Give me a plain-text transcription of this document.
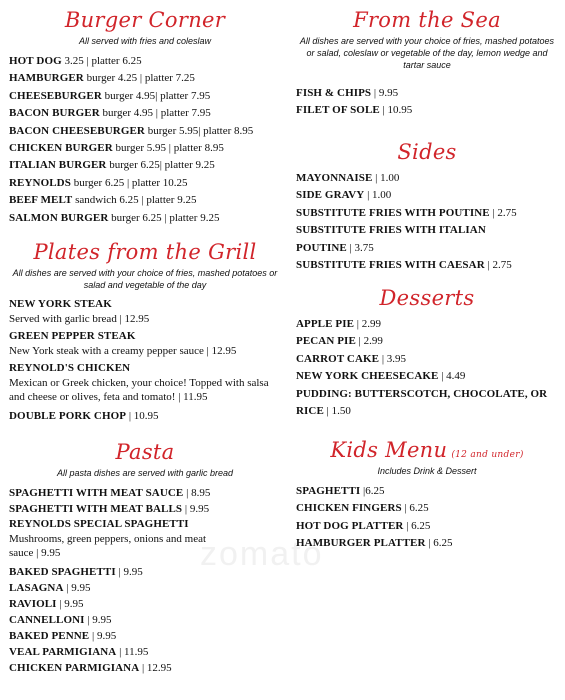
zomato
Burger Corner
All served with fries and coleslaw
HOT DOG 3.25 | platter 6.25
HAMBURGER burger 4.25 | platter 7.25
CHEESEBURGER burger 4.95| platter 7.95
BACON BURGER burger 4.95 | platter 7.95
BACON CHEESEBURGER burger 5.95| platter 8.95
CHICKEN BURGER burger 5.95 | platter 8.95
ITALIAN BURGER burger 6.25| platter 9.25
REYNOLDS burger 6.25 | platter 10.25
BEEF MELT sandwich 6.25 | platter 9.25
SALMON BURGER burger 6.25 | platter 9.25
Plates from the Grill
All dishes are served with your choice of fries, mashed potatoes or salad and vegetable of the day
NEW YORK STEAK
Served with garlic bread | 12.95
GREEN PEPPER STEAK
New York steak with a creamy pepper sauce | 12.95
REYNOLD'S CHICKEN
Mexican or Greek chicken, your choice! Topped with salsa and cheese or olives, feta and tomato! | 11.95
DOUBLE PORK CHOP | 10.95
Pasta
All pasta dishes are served with garlic bread
SPAGHETTI WITH MEAT SAUCE | 8.95
SPAGHETTI WITH MEAT BALLS | 9.95
REYNOLDS SPECIAL SPAGHETTI
Mushrooms, green peppers, onions and meat sauce | 9.95
BAKED SPAGHETTI | 9.95
LASAGNA | 9.95
RAVIOLI | 9.95
CANNELLONI | 9.95
BAKED PENNE | 9.95
VEAL PARMIGIANA | 11.95
CHICKEN PARMIGIANA | 12.95
From the Sea
All dishes are served with your choice of fries, mashed potatoes or salad, coleslaw or vegetable of the day, lemon wedge and tartar sauce
FISH & CHIPS | 9.95
FILET OF SOLE | 10.95
Sides
MAYONNAISE | 1.00
SIDE GRAVY | 1.00
SUBSTITUTE FRIES WITH POUTINE | 2.75
SUBSTITUTE FRIES WITH ITALIAN POUTINE | 3.75
SUBSTITUTE FRIES WITH CAESAR | 2.75
Desserts
APPLE PIE | 2.99
PECAN PIE | 2.99
CARROT CAKE | 3.95
NEW YORK CHEESECAKE | 4.49
PUDDING: BUTTERSCOTCH, CHOCOLATE, OR RICE | 1.50
Kids Menu (12 and under)
Includes Drink & Dessert
SPAGHETTI |6.25
CHICKEN FINGERS | 6.25
HOT DOG PLATTER | 6.25
HAMBURGER PLATTER | 6.25
